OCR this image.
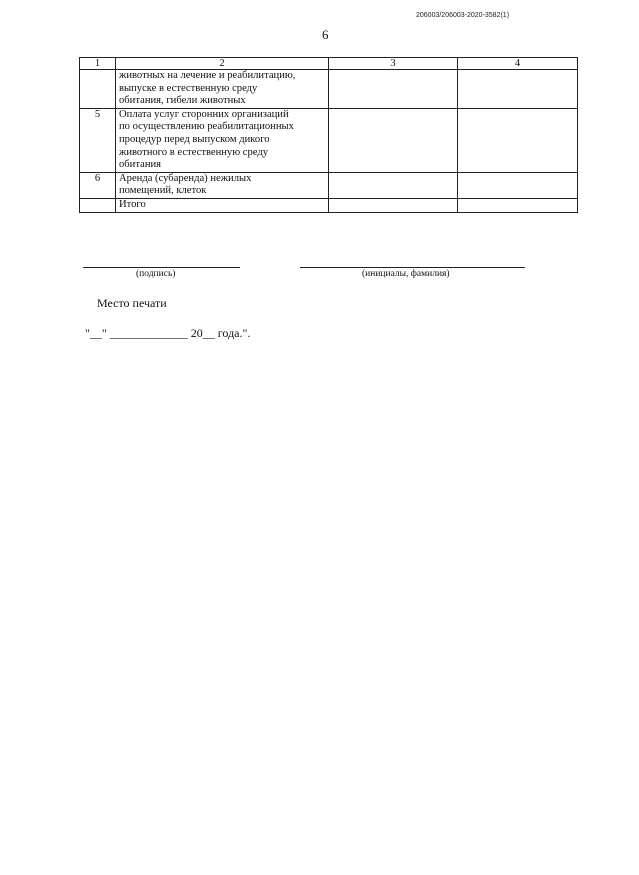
206003/206003-2020-3582(1)
6
1	2	3	4

	животных на лечение и реабилитацию,
выпуске в естественную среду
обитания, гибели животных		

5	Оплата услуг сторонних организаций
по осуществлению реабилитационных
процедур перед выпуском дикого
животного в естественную среду
обитания		

6	Аренда (субаренда) нежилых
помещений, клеток		

	Итого		

(подпись)	(инициалы, фамилия)
Место печати
"__" _____________ 20__ года.".
